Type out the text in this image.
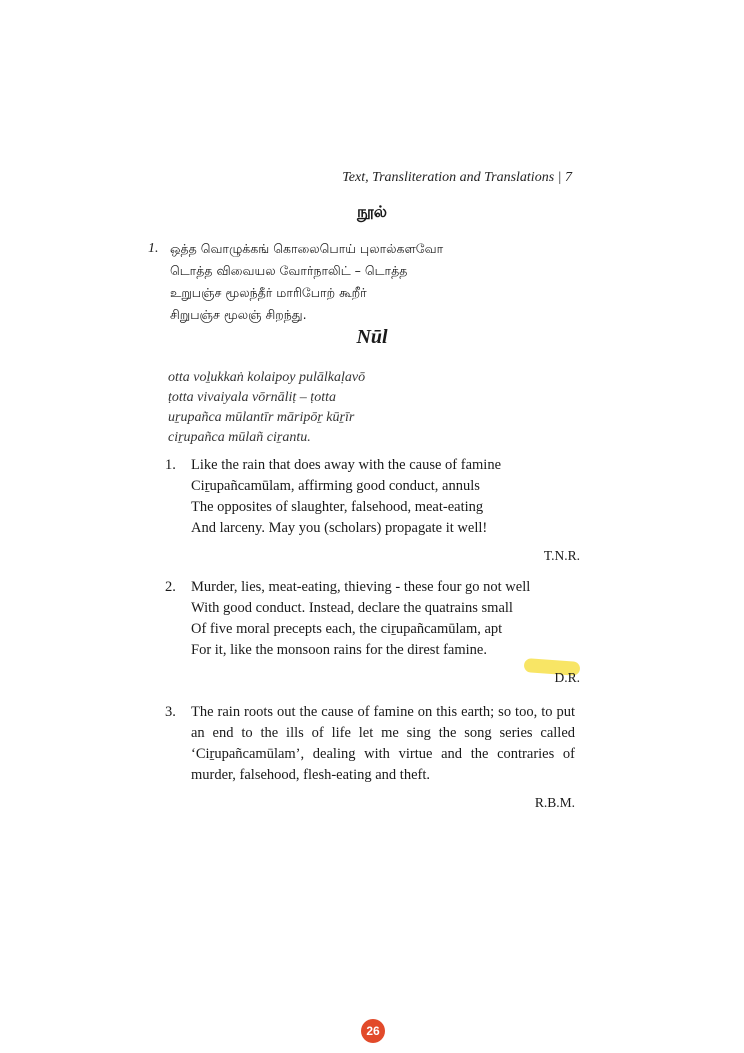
Text, Transliteration and Translations | 7
நூல்
1. ஒத்த வொழுக்கங் கொலைபொய் புலால்களவோ
டொத்த விவையல வோர்நாலிட் – டொத்த
உறுபஞ்ச மூலந்தீர் மாரிபோற் கூறீர்
சிறுபஞ்ச மூலஞ் சிறந்து.
Nūl
otta voḻukkaṅ kolaipoy pulālkaḷavō
ṭotta vivaiyala vōrnāliṭ – ṭotta
uṟupañca mūlantīr māripōṟ kūṟīr
ciṟupañca mūlañ ciṟantu.
1. Like the rain that does away with the cause of famine
Ciṟupañcamūlam, affirming good conduct, annuls
The opposites of slaughter, falsehood, meat-eating
And larceny. May you (scholars) propagate it well!
T.N.R.
2. Murder, lies, meat-eating, thieving - these four go not well
With good conduct. Instead, declare the quatrains small
Of five moral precepts each, the ciṟupañcamūlam, apt
For it, like the monsoon rains for the direst famine.
D.R.
3. The rain roots out the cause of famine on this earth; so too, to put an end to the ills of life let me sing the song series called ‘Ciṟupañcamūlam’, dealing with virtue and the contraries of murder, falsehood, flesh-eating and theft.
R.B.M.
26
